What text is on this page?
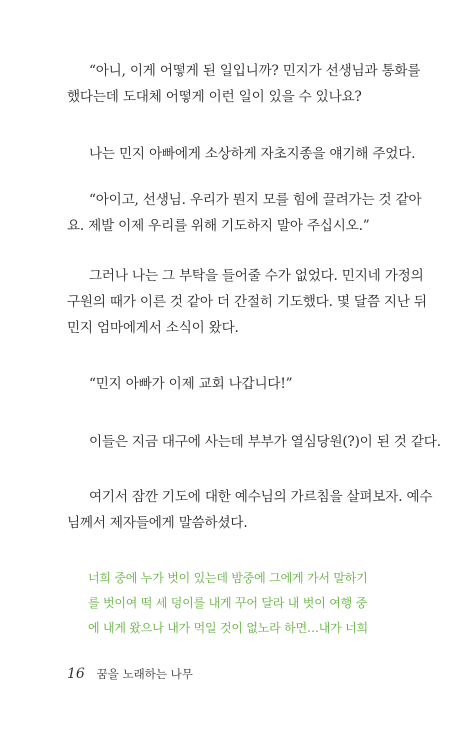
“아니, 이게 어떻게 된 일입니까? 민지가 선생님과 통화를
했다는데 도대체 어떻게 이런 일이 있을 수 있나요?

나는 민지 아빠에게 소상하게 자초지종을 얘기해 주었다.

“아이고, 선생님. 우리가 뭔지 모를 힘에 끌려가는 것 같아
요. 제발 이제 우리를 위해 기도하지 말아 주십시오.”

그러나 나는 그 부탁을 들어줄 수가 없었다. 민지네 가정의
구원의 때가 이른 것 같아 더 간절히 기도했다. 몇 달쯤 지난 뒤
민지 엄마에게서 소식이 왔다.

“민지 아빠가 이제 교회 나갑니다!”

이들은 지금 대구에 사는데 부부가 열심당원(?)이 된 것 같다.

여기서 잠깐 기도에 대한 예수님의 가르침을 살펴보자. 예수
님께서 제자들에게 말씀하셨다.

너희 중에 누가 벗이 있는데 밤중에 그에게 가서 말하기
를 벗이여 떡 세 덩이를 내게 꾸어 달라 내 벗이 여행 중
에 내게 왔으나 내가 먹일 것이 없노라 하면…내가 너희

16 꿈을 노래하는 나무
